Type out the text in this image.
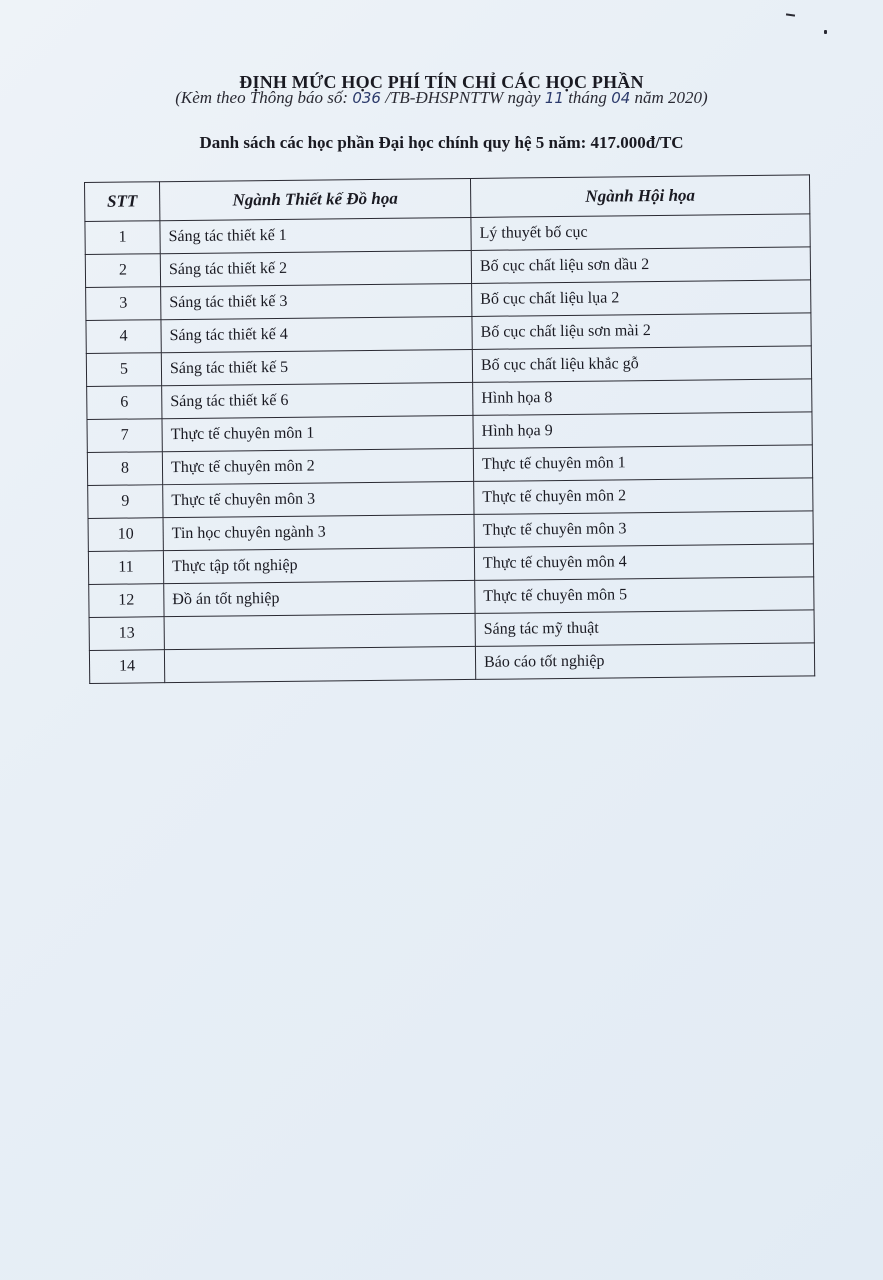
ĐỊNH MỨC HỌC PHÍ TÍN CHỈ CÁC HỌC PHẦN
(Kèm theo Thông báo số: 036 /TB-ĐHSPNTTW ngày 11 tháng 04 năm 2020)
Danh sách các học phần Đại học chính quy hệ 5 năm: 417.000đ/TC
STT	Ngành Thiết kế Đồ họa	Ngành Hội họa
1	Sáng tác thiết kế 1	Lý thuyết bố cục
2	Sáng tác thiết kế 2	Bố cục chất liệu sơn dầu 2
3	Sáng tác thiết kế 3	Bố cục chất liệu lụa 2
4	Sáng tác thiết kế 4	Bố cục chất liệu sơn mài 2
5	Sáng tác thiết kế 5	Bố cục chất liệu khắc gỗ
6	Sáng tác thiết kế 6	Hình họa 8
7	Thực tế chuyên môn 1	Hình họa 9
8	Thực tế chuyên môn 2	Thực tế chuyên môn 1
9	Thực tế chuyên môn 3	Thực tế chuyên môn 2
10	Tin học chuyên ngành 3	Thực tế chuyên môn 3
11	Thực tập tốt nghiệp	Thực tế chuyên môn 4
12	Đồ án tốt nghiệp	Thực tế chuyên môn 5
13		Sáng tác mỹ thuật
14		Báo cáo tốt nghiệp
